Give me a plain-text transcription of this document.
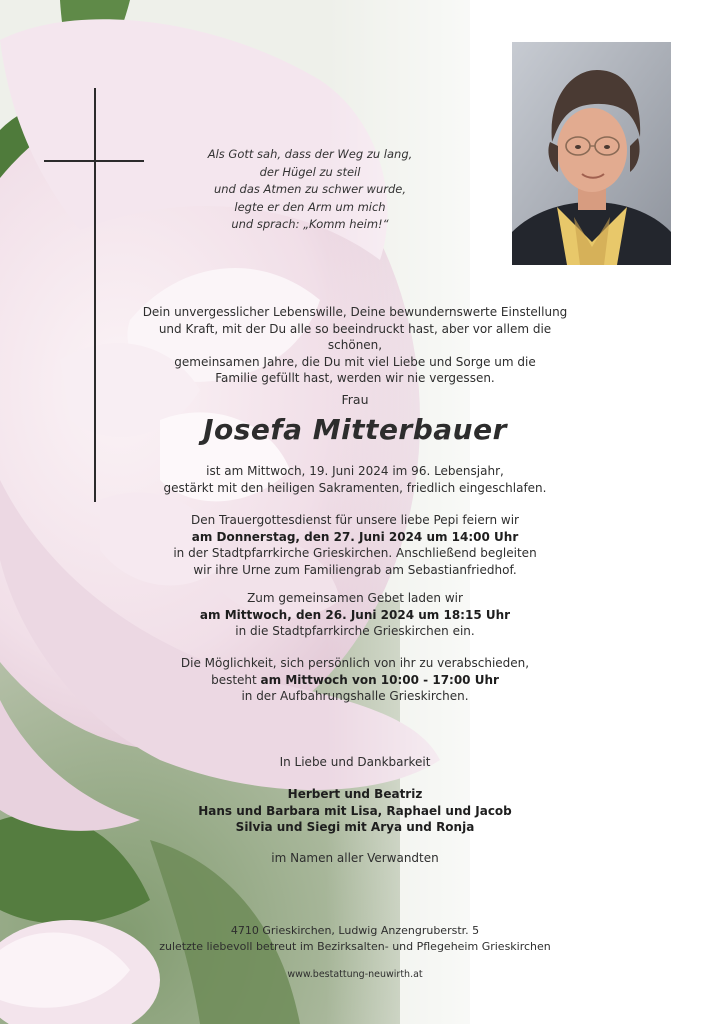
Als Gott sah, dass der Weg zu lang,
der Hügel zu steil
und das Atmen zu schwer wurde,
legte er den Arm um mich
und sprach: „Komm heim!“
Dein unvergesslicher Lebenswille, Deine bewundernswerte Einstellung
und Kraft, mit der Du alle so beeindruckt hast, aber vor allem die schönen,
gemeinsamen Jahre, die Du mit viel Liebe und Sorge um die
Familie gefüllt hast, werden wir nie vergessen.
Frau
Josefa Mitterbauer
ist am Mittwoch, 19. Juni 2024 im 96. Lebensjahr,
gestärkt mit den heiligen Sakramenten, friedlich eingeschlafen.
Den Trauergottesdienst für unsere liebe Pepi feiern wir
am Donnerstag, den 27. Juni 2024 um 14:00 Uhr
in der Stadtpfarrkirche Grieskirchen. Anschließend begleiten
wir ihre Urne zum Familiengrab am Sebastianfriedhof.
Zum gemeinsamen Gebet laden wir
am Mittwoch, den 26. Juni 2024 um 18:15 Uhr
in die Stadtpfarrkirche Grieskirchen ein.
Die Möglichkeit, sich persönlich von ihr zu verabschieden,
besteht am Mittwoch von 10:00 - 17:00 Uhr
in der Aufbahrungshalle Grieskirchen.
In Liebe und Dankbarkeit
Herbert und Beatriz
Hans und Barbara mit Lisa, Raphael und Jacob
Silvia und Siegi mit Arya und Ronja
im Namen aller Verwandten
4710 Grieskirchen, Ludwig Anzengruberstr. 5
zuletzte liebevoll betreut im Bezirksalten- und Pflegeheim Grieskirchen
www.bestattung-neuwirth.at
